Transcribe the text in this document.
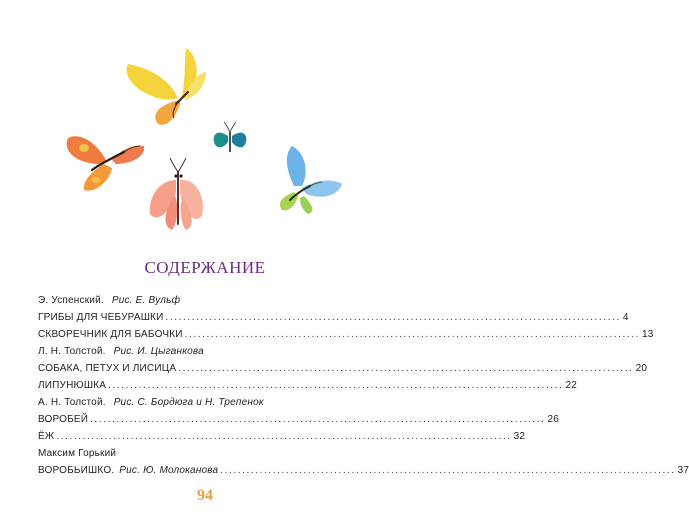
СОДЕРЖАНИЕ
Э. Успенский. Рис. Е. Вульф
ГРИБЫ ДЛЯ ЧЕБУРАШКИ ........................................................................................................ 4
СКВОРЕЧНИК ДЛЯ БАБОЧКИ ........................................................................................................ 13
Л. Н. Толстой. Рис. И. Цыганкова
СОБАКА, ПЕТУХ И ЛИСИЦА ........................................................................................................ 20
ЛИПУНЮШКА ........................................................................................................ 22
А. Н. Толстой. Рис. С. Бордюга и Н. Трепенок
ВОРОБЕЙ ........................................................................................................ 26
ЁЖ ........................................................................................................ 32
Максим Горький
ВОРОБЬИШКО. Рис. Ю. Молоканова ........................................................................................................ 37
94
